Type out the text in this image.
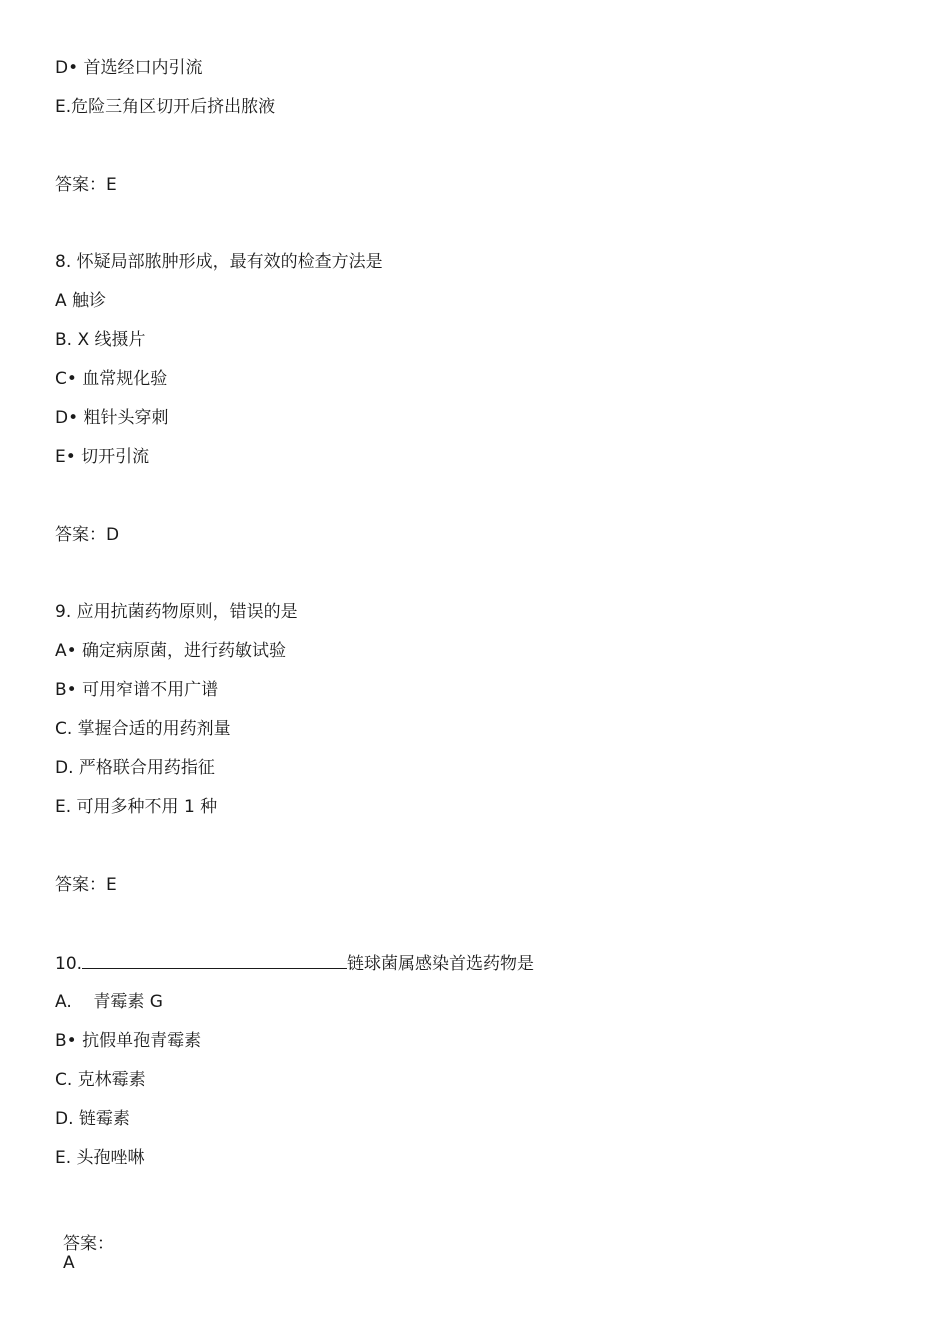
D• 首选经口内引流
E.危险三角区切开后挤出脓液
答案：E
8. 怀疑局部脓肿形成，最有效的检查方法是
A 触诊
B. X 线摄片
C• 血常规化验
D• 粗针头穿刺
E• 切开引流
答案：D
9. 应用抗菌药物原则，错误的是
A• 确定病原菌，进行药敏试验
B• 可用窄谱不用广谱
C. 掌握合适的用药剂量
D. 严格联合用药指征
E. 可用多种不用 1 种
答案：E
10.	链球菌属感染首选药物是
A.    青霉素 G
B• 抗假单孢青霉素
C. 克林霉素
D. 链霉素
E. 头孢唑啉
答案：
A
